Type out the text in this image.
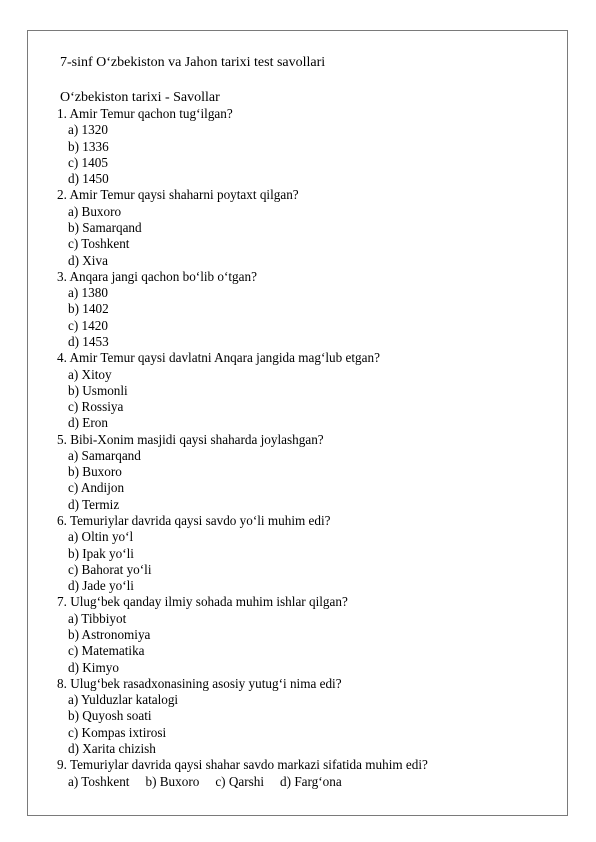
7-sinf O‘zbekiston va Jahon tarixi test savollari
O‘zbekiston tarixi - Savollar
1. Amir Temur qachon tug‘ilgan?
a) 1320
b) 1336
c) 1405
d) 1450
2. Amir Temur qaysi shaharni poytaxt qilgan?
a) Buxoro
b) Samarqand
c) Toshkent
d) Xiva
3. Anqara jangi qachon bo‘lib o‘tgan?
a) 1380
b) 1402
c) 1420
d) 1453
4. Amir Temur qaysi davlatni Anqara jangida mag‘lub etgan?
a) Xitoy
b) Usmonli
c) Rossiya
d) Eron
5. Bibi-Xonim masjidi qaysi shaharda joylashgan?
a) Samarqand
b) Buxoro
c) Andijon
d) Termiz
6. Temuriylar davrida qaysi savdo yo‘li muhim edi?
a) Oltin yo‘l
b) Ipak yo‘li
c) Bahorat yo‘li
d) Jade yo‘li
7. Ulug‘bek qanday ilmiy sohada muhim ishlar qilgan?
a) Tibbiyot
b) Astronomiya
c) Matematika
d) Kimyo
8. Ulug‘bek rasadxonasining asosiy yutug‘i nima edi?
a) Yulduzlar katalogi
b) Quyosh soati
c) Kompas ixtirosi
d) Xarita chizish
9. Temuriylar davrida qaysi shahar savdo markazi sifatida muhim edi?
a) Toshkent b) Buxoro c) Qarshi d) Farg‘ona
